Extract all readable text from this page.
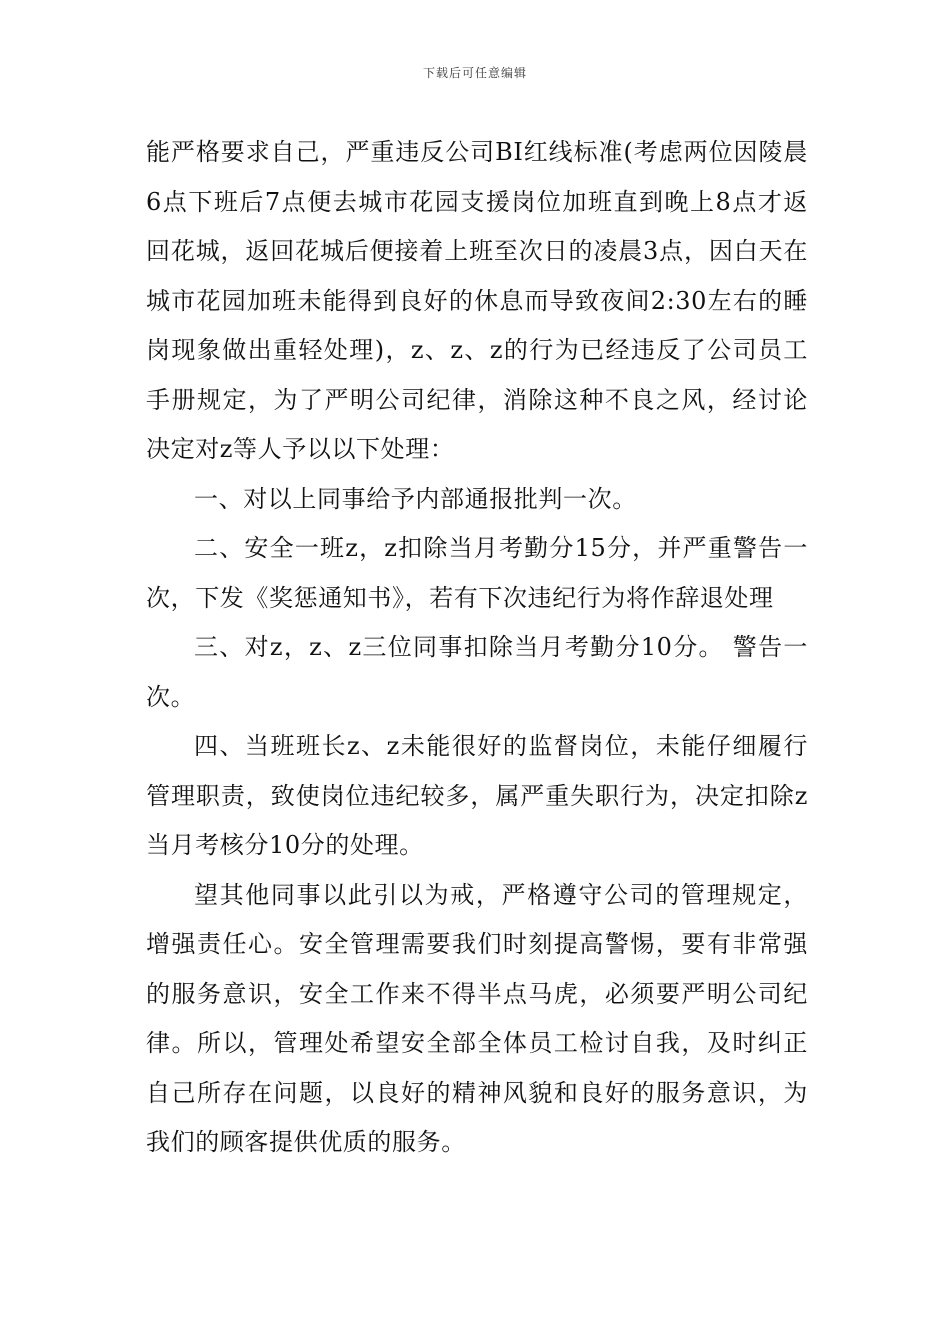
下载后可任意编辑

能严格要求自己，严重违反公司BI红线标准(考虑两位因陵晨6点下班后7点便去城市花园支援岗位加班直到晚上8点才返回花城，返回花城后便接着上班至次日的凌晨3点，因白天在城市花园加班未能得到良好的休息而导致夜间2:30左右的睡岗现象做出重轻处理)，z、z、z的行为已经违反了公司员工手册规定，为了严明公司纪律，消除这种不良之风，经讨论决定对z等人予以以下处理：

一、对以上同事给予内部通报批判一次。

二、安全一班z，z扣除当月考勤分15分，并严重警告一次，下发《奖惩通知书》，若有下次违纪行为将作辞退处理

三、对z，z、z三位同事扣除当月考勤分10分。 警告一次。

四、当班班长z、z未能很好的监督岗位，未能仔细履行管理职责，致使岗位违纪较多，属严重失职行为，决定扣除z当月考核分10分的处理。

望其他同事以此引以为戒，严格遵守公司的管理规定，增强责任心。安全管理需要我们时刻提高警惕，要有非常强的服务意识，安全工作来不得半点马虎，必须要严明公司纪律。所以，管理处希望安全部全体员工检讨自我，及时纠正自己所存在问题，以良好的精神风貌和良好的服务意识，为我们的顾客提供优质的服务。
